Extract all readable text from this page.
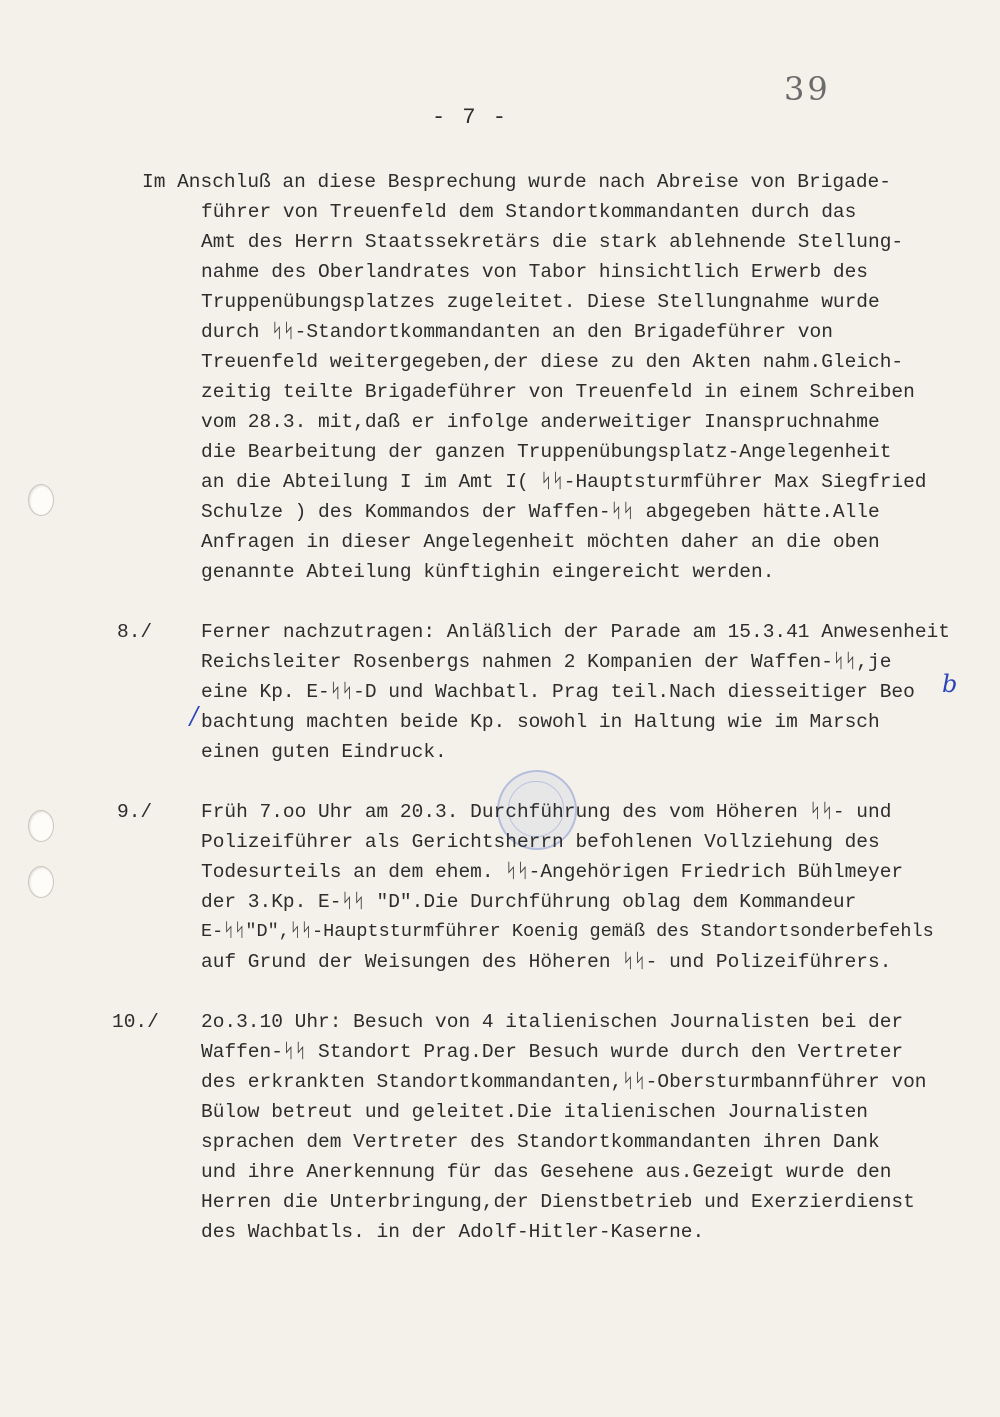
39
- 7 -
Im Anschluß an diese Besprechung wurde nach Abreise von Brigade-
führer von Treuenfeld dem Standortkommandanten durch das
Amt des Herrn Staatssekretärs die stark ablehnende Stellung-
nahme des Oberlandrates von Tabor hinsichtlich Erwerb des
Truppenübungsplatzes zugeleitet. Diese Stellungnahme wurde
durch ᛋᛋ-Standortkommandanten an den Brigadeführer von
Treuenfeld weitergegeben,der diese zu den Akten nahm.Gleich-
zeitig teilte Brigadeführer von Treuenfeld in einem Schreiben
vom 28.3. mit,daß er infolge anderweitiger Inanspruchnahme
die Bearbeitung der ganzen Truppenübungsplatz-Angelegenheit
an die Abteilung I im Amt I( ᛋᛋ-Hauptsturmführer Max Siegfried
Schulze ) des Kommandos der Waffen-ᛋᛋ abgegeben hätte.Alle
Anfragen in dieser Angelegenheit möchten daher an die oben
genannte Abteilung künftighin eingereicht werden.
8./	Ferner nachzutragen: Anläßlich der Parade am 15.3.41 Anwesenheit
Reichsleiter Rosenbergs nahmen 2 Kompanien der Waffen-ᛋᛋ,je
eine Kp. E-ᛋᛋ-D und Wachbatl. Prag teil.Nach diesseitiger Beo
bachtung machten beide Kp. sowohl in Haltung wie im Marsch
einen guten Eindruck.
b
/
9./	Früh 7.oo Uhr am 20.3. Durchführung des vom Höheren ᛋᛋ- und
Polizeiführer als Gerichtsherrn befohlenen Vollziehung des
Todesurteils an dem ehem. ᛋᛋ-Angehörigen Friedrich Bühlmeyer
der 3.Kp. E-ᛋᛋ "D".Die Durchführung oblag dem Kommandeur
E-ᛋᛋ"D",ᛋᛋ-Hauptsturmführer Koenig gemäß des Standortsonderbefehls
auf Grund der Weisungen des Höheren ᛋᛋ- und Polizeiführers.
10./ 2o.3.10 Uhr: Besuch von 4 italienischen Journalisten bei der
Waffen-ᛋᛋ Standort Prag.Der Besuch wurde durch den Vertreter
des erkrankten Standortkommandanten,ᛋᛋ-Obersturmbannführer von
Bülow betreut und geleitet.Die italienischen Journalisten
sprachen dem Vertreter des Standortkommandanten ihren Dank
und ihre Anerkennung für das Gesehene aus.Gezeigt wurde den
Herren die Unterbringung,der Dienstbetrieb und Exerzierdienst
des Wachbatls. in der Adolf-Hitler-Kaserne.
